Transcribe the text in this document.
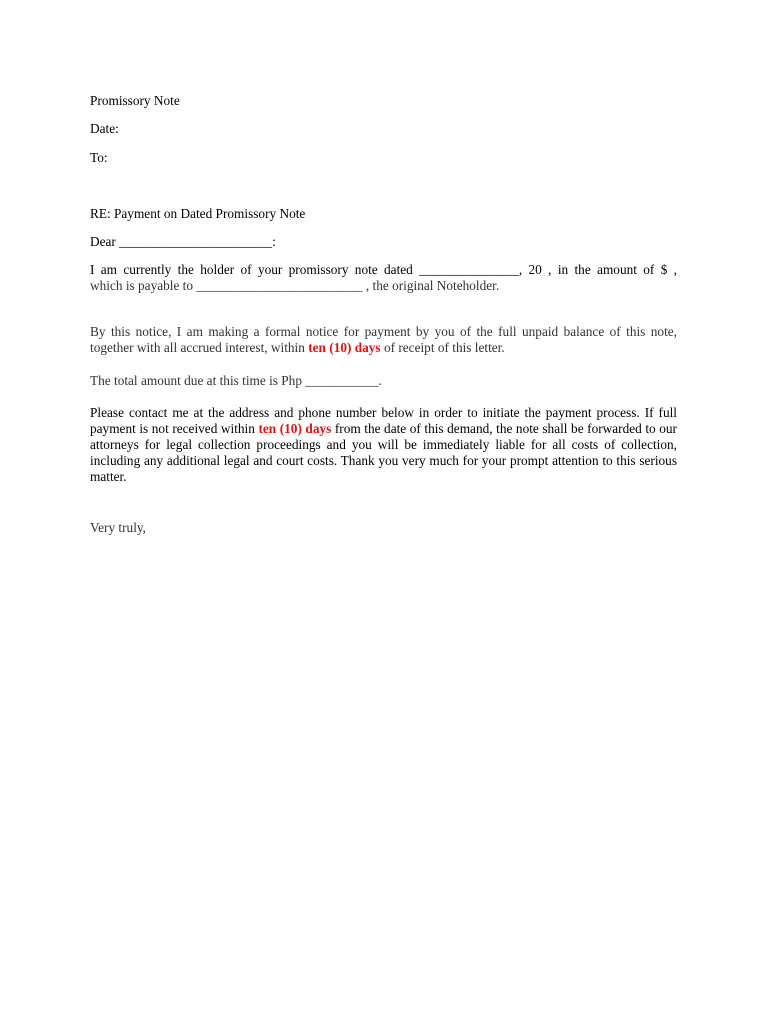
Promissory Note
Date:
To:
RE: Payment on Dated Promissory Note
Dear _______________________:
I am currently the holder of your promissory note dated _______________, 20 , in the amount of $ ,
which is payable to _________________________ , the original Noteholder.
By this notice, I am making a formal notice for payment by you of the full unpaid balance of this note, together with all accrued interest, within ten (10) days of receipt of this letter.
The total amount due at this time is Php ___________.
Please contact me at the address and phone number below in order to initiate the payment process. If full payment is not received within ten (10) days from the date of this demand, the note shall be forwarded to our attorneys for legal collection proceedings and you will be immediately liable for all costs of collection, including any additional legal and court costs. Thank you very much for your prompt attention to this serious matter.
Very truly,
